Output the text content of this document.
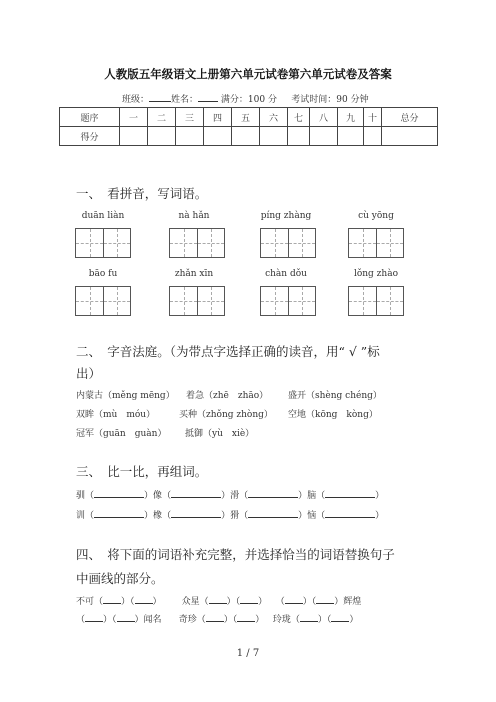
人教版五年级语文上册第六单元试卷第六单元试卷及答案
班级： 姓名：	满分：100 分 考试时间：90 分钟
题序	一	二	三	四	五	六	七	八	九	十	总分
得分											
一、　看拼音，写词语。
duān liàn	nà hǎn	píng zhàng	cù yōng
bāo fu	zhǎn xīn	chàn dǒu	lǒng zhào
二、　字音法庭。（为带点字选择正确的读音，用“ √ ”标
出）
内蒙古（měng mēng） 着急（zhē　zhāo） 盛开（shèng chéng）
双眸（mù　móu）	买种（zhǒng zhòng） 空地（kōng　kòng）
冠军（guān　guàn） 抵御（yù　xiè）
三、　比一比，再组词。
驯（	）像（	）滑（	）脑（	）
训（	）橡（	）猾（	）恼（	）
四、　将下面的词语补充完整，并选择恰当的词语替换句子
中画线的部分。
不可（ ）（ ）       众星（ ）（ ）   （ ）（ ）辉煌
（ ）（ ）闻名 奇珍（ ）（ ）   玲珑（ ）（ ）
1 / 7
